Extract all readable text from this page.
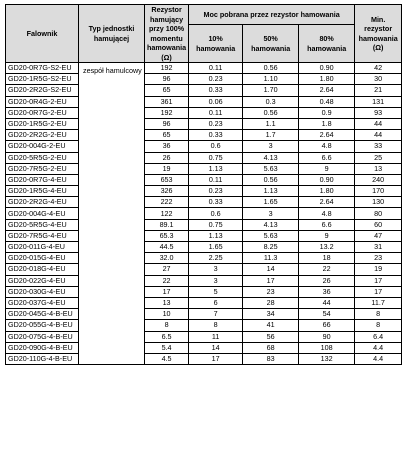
Falownik	Typ jednostki hamującej	Rezystor hamujący przy 100% momentu hamowania (Ω)	Moc pobrana przez rezystor hamowania			Min. rezystor hamowania (Ω)
			10% hamowania	50% hamowania	80% hamowania	
GD20-0R7G-S2-EU	zespół hamulcowy	192	0.11	0.56	0.90	42
GD20-1R5G-S2-EU		96	0.23	1.10	1.80	30
GD20-2R2G-S2-EU		65	0.33	1.70	2.64	21
GD20-0R4G-2-EU		361	0.06	0.3	0.48	131
GD20-0R7G-2-EU		192	0.11	0.56	0.9	93
GD20-1R5G-2-EU		96	0.23	1.1	1.8	44
GD20-2R2G-2-EU		65	0.33	1.7	2.64	44
GD20-004G-2-EU		36	0.6	3	4.8	33
GD20-5R5G-2-EU		26	0.75	4.13	6.6	25
GD20-7R5G-2-EU		19	1.13	5.63	9	13
GD20-0R7G-4-EU		653	0.11	0.56	0.90	240
GD20-1R5G-4-EU		326	0.23	1.13	1.80	170
GD20-2R2G-4-EU		222	0.33	1.65	2.64	130
GD20-004G-4-EU		122	0.6	3	4.8	80
GD20-5R5G-4-EU		89.1	0.75	4.13	6.6	60
GD20-7R5G-4-EU		65.3	1.13	5.63	9	47
GD20-011G-4-EU		44.5	1.65	8.25	13.2	31
GD20-015G-4-EU		32.0	2.25	11.3	18	23
GD20-018G-4-EU		27	3	14	22	19
GD20-022G-4-EU		22	3	17	26	17
GD20-030G-4-EU		17	5	23	36	17
GD20-037G-4-EU		13	6	28	44	11.7
GD20-045G-4-B-EU		10	7	34	54	8
GD20-055G-4-B-EU		8	8	41	66	8
GD20-075G-4-B-EU		6.5	11	56	90	6.4
GD20-090G-4-B-EU		5.4	14	68	108	4.4
GD20-110G-4-B-EU		4.5	17	83	132	4.4
